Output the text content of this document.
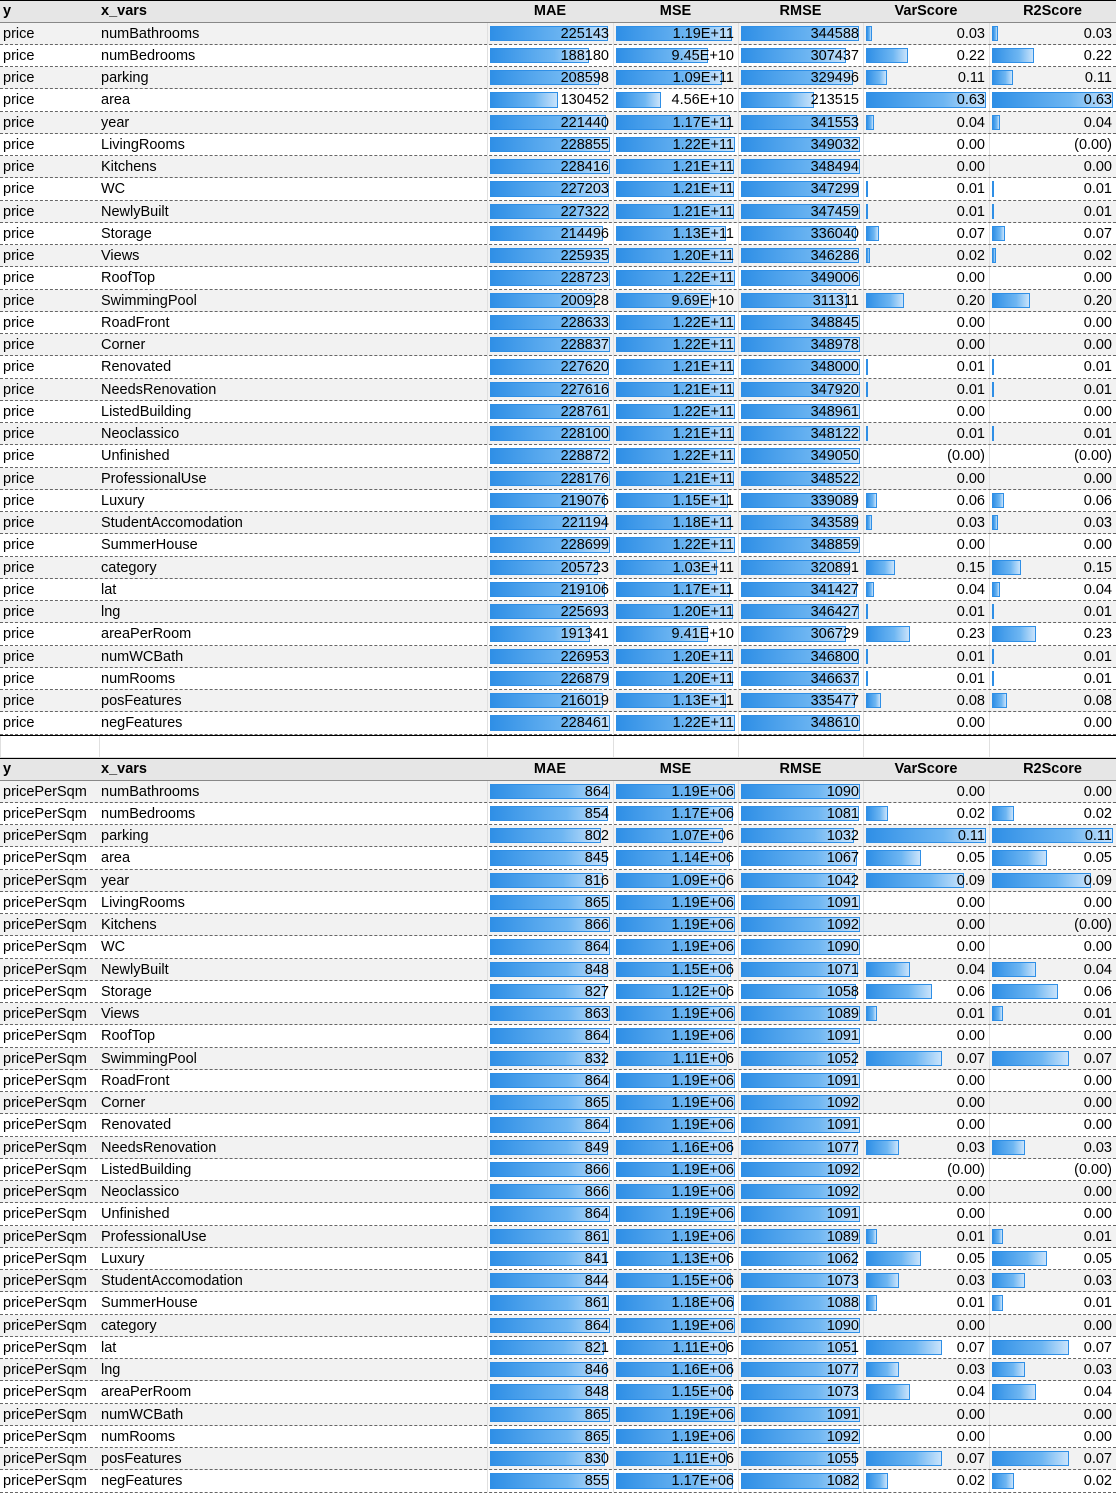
y	x_vars	MAE	MSE	RMSE	VarScore	R2Score
price	numBathrooms	225143	1.19E+11	344588	0.03	0.03
price	numBedrooms	188180	9.45E+10	307437	0.22	0.22
price	parking	208598	1.09E+11	329496	0.11	0.11
price	area	130452	4.56E+10	213515	0.63	0.63
price	year	221440	1.17E+11	341553	0.04	0.04
price	LivingRooms	228855	1.22E+11	349032	0.00	(0.00)
price	Kitchens	228416	1.21E+11	348494	0.00	0.00
price	WC	227203	1.21E+11	347299	0.01	0.01
price	NewlyBuilt	227322	1.21E+11	347459	0.01	0.01
price	Storage	214496	1.13E+11	336040	0.07	0.07
price	Views	225935	1.20E+11	346286	0.02	0.02
price	RoofTop	228723	1.22E+11	349006	0.00	0.00
price	SwimmingPool	200928	9.69E+10	311311	0.20	0.20
price	RoadFront	228633	1.22E+11	348845	0.00	0.00
price	Corner	228837	1.22E+11	348978	0.00	0.00
price	Renovated	227620	1.21E+11	348000	0.01	0.01
price	NeedsRenovation	227616	1.21E+11	347920	0.01	0.01
price	ListedBuilding	228761	1.22E+11	348961	0.00	0.00
price	Neoclassico	228100	1.21E+11	348122	0.01	0.01
price	Unfinished	228872	1.22E+11	349050	(0.00)	(0.00)
price	ProfessionalUse	228176	1.21E+11	348522	0.00	0.00
price	Luxury	219076	1.15E+11	339089	0.06	0.06
price	StudentAccomodation	221194	1.18E+11	343589	0.03	0.03
price	SummerHouse	228699	1.22E+11	348859	0.00	0.00
price	category	205723	1.03E+11	320891	0.15	0.15
price	lat	219106	1.17E+11	341427	0.04	0.04
price	lng	225693	1.20E+11	346427	0.01	0.01
price	areaPerRoom	191341	9.41E+10	306729	0.23	0.23
price	numWCBath	226953	1.20E+11	346800	0.01	0.01
price	numRooms	226879	1.20E+11	346637	0.01	0.01
price	posFeatures	216019	1.13E+11	335477	0.08	0.08
price	negFeatures	228461	1.22E+11	348610	0.00	0.00
y	x_vars	MAE	MSE	RMSE	VarScore	R2Score
pricePerSqm numBathrooms	864	1.19E+06	1090	0.00	0.00
pricePerSqm numBedrooms	854	1.17E+06	1081	0.02	0.02
pricePerSqm parking	802	1.07E+06	1032	0.11	0.11
pricePerSqm area	845	1.14E+06	1067	0.05	0.05
pricePerSqm year	816	1.09E+06	1042	0.09	0.09
pricePerSqm LivingRooms	865	1.19E+06	1091	0.00	0.00
pricePerSqm Kitchens	866	1.19E+06	1092	0.00	(0.00)
pricePerSqm WC	864	1.19E+06	1090	0.00	0.00
pricePerSqm NewlyBuilt	848	1.15E+06	1071	0.04	0.04
pricePerSqm Storage	827	1.12E+06	1058	0.06	0.06
pricePerSqm Views	863	1.19E+06	1089	0.01	0.01
pricePerSqm RoofTop	864	1.19E+06	1091	0.00	0.00
pricePerSqm SwimmingPool	832	1.11E+06	1052	0.07	0.07
pricePerSqm RoadFront	864	1.19E+06	1091	0.00	0.00
pricePerSqm Corner	865	1.19E+06	1092	0.00	0.00
pricePerSqm Renovated	864	1.19E+06	1091	0.00	0.00
pricePerSqm NeedsRenovation	849	1.16E+06	1077	0.03	0.03
pricePerSqm ListedBuilding	866	1.19E+06	1092	(0.00)	(0.00)
pricePerSqm Neoclassico	866	1.19E+06	1092	0.00	0.00
pricePerSqm Unfinished	864	1.19E+06	1091	0.00	0.00
pricePerSqm ProfessionalUse	861	1.19E+06	1089	0.01	0.01
pricePerSqm Luxury	841	1.13E+06	1062	0.05	0.05
pricePerSqm StudentAccomodation	844	1.15E+06	1073	0.03	0.03
pricePerSqm SummerHouse	861	1.18E+06	1088	0.01	0.01
pricePerSqm category	864	1.19E+06	1090	0.00	0.00
pricePerSqm lat	821	1.11E+06	1051	0.07	0.07
pricePerSqm lng	846	1.16E+06	1077	0.03	0.03
pricePerSqm areaPerRoom	848	1.15E+06	1073	0.04	0.04
pricePerSqm numWCBath	865	1.19E+06	1091	0.00	0.00
pricePerSqm numRooms	865	1.19E+06	1092	0.00	0.00
pricePerSqm posFeatures	830	1.11E+06	1055	0.07	0.07
pricePerSqm negFeatures	855	1.17E+06	1082	0.02	0.02
